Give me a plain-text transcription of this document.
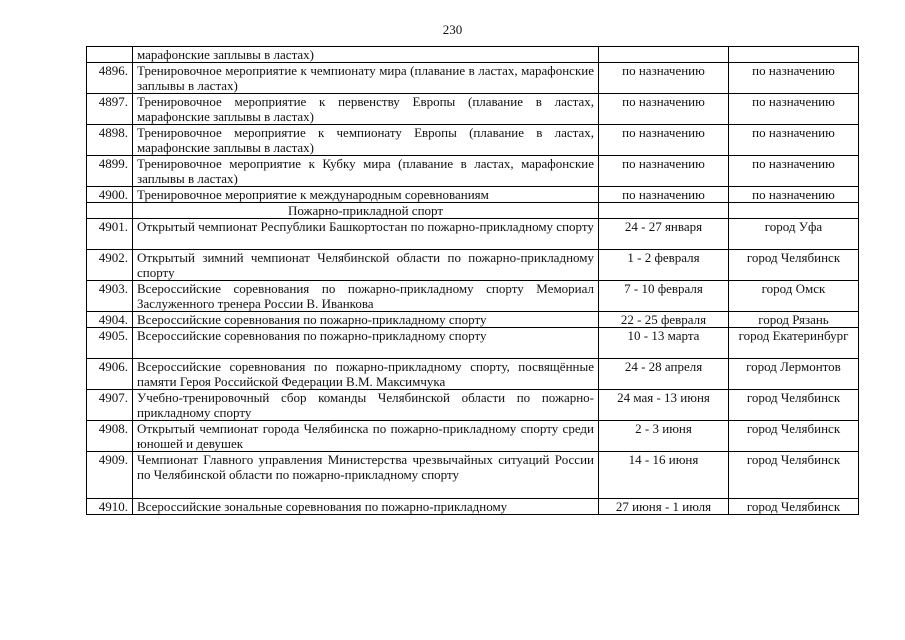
230
	марафонские заплывы в ластах)		
4896.	Тренировочное мероприятие к чемпионату мира (плавание в ластах, марафонские заплывы в ластах)	по назначению	по назначению
4897.	Тренировочное мероприятие к первенству Европы (плавание в ластах, марафонские заплывы в ластах)	по назначению	по назначению
4898.	Тренировочное мероприятие к чемпионату Европы (плавание в ластах, марафонские заплывы в ластах)	по назначению	по назначению
4899.	Тренировочное мероприятие к Кубку мира (плавание в ластах, марафонские заплывы в ластах)	по назначению	по назначению
4900.	Тренировочное мероприятие к международным соревнованиям	по назначению	по назначению
	Пожарно-прикладной спорт		
4901.	Открытый чемпионат Республики Башкортостан по пожарно-прикладному спорту	24 - 27 января	город Уфа
4902.	Открытый зимний чемпионат Челябинской области по пожарно-прикладному спорту	1 - 2 февраля	город Челябинск
4903.	Всероссийские соревнования по пожарно-прикладному спорту Мемориал Заслуженного тренера России В. Иванкова	7 - 10 февраля	город Омск
4904.	Всероссийские соревнования по пожарно-прикладному спорту	22 - 25 февраля	город Рязань
4905.	Всероссийские соревнования по пожарно-прикладному спорту	10 - 13 марта	город Екатеринбург
4906.	Всероссийские соревнования по пожарно-прикладному спорту, посвящённые памяти Героя Российской Федерации В.М. Максимчука	24 - 28 апреля	город Лермонтов
4907.	Учебно-тренировочный сбор команды Челябинской области по пожарно-прикладному спорту	24 мая - 13 июня	город Челябинск
4908.	Открытый чемпионат города Челябинска по пожарно-прикладному спорту среди юношей и девушек	2 - 3 июня	город Челябинск
4909.	Чемпионат Главного управления Министерства чрезвычайных ситуаций России по Челябинской области по пожарно-прикладному спорту	14 - 16 июня	город Челябинск
4910.	Всероссийские зональные соревнования по пожарно-прикладному	27 июня - 1 июля	город Челябинск
